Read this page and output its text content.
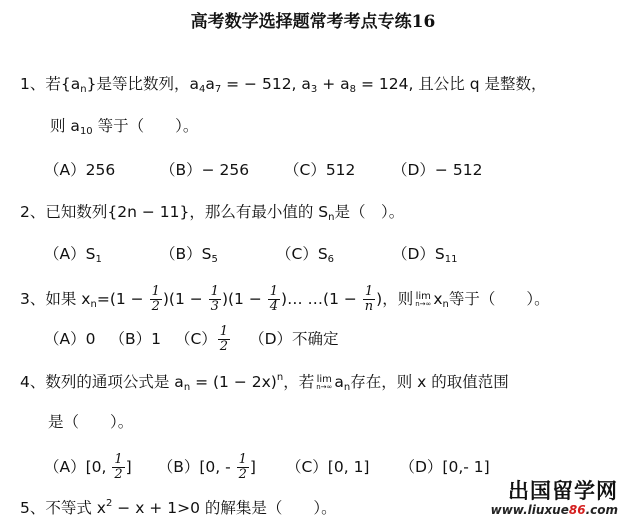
高考数学选择题常考考点专练16
1、若$\{a_n\}$是等比数列，$a_4a_7$ = − 512, $a_3 + a_8 = 124$, 且公比 q 是整数，
则 $a_{10}$ 等于（　　）。
（A）256	（B）− 256 （C）512 （D）− 512
2、已知数列{2n − 11}，那么有最小值的 $S_n$是（　）。
$(A)S_1$	$(B)S_5$	$(C)S_6$	$(D)S_{11}$
3、如果 $x_n=(1 - \frac{1}{2} )(1 - \frac{1}{3} )(1 - \frac{1}{4}$ )… …(1 − $\frac{1}{n}$ )，则 lim
n→∞ $x_n$等于（　　）。
（A）0 （B）1 $(C) \frac{1}{2} (D)$不确定
4、数列的通项公式是 $a_n = (1 - 2x)^n$，若 lim
n→∞ $a_n$存在，则 x 的取值范围
是（　　）。
（A）[0, $\frac{1}{2}$ ] （B）[0, - $\frac{1}{2}$ ] （C）[0, 1] （D）[0,- 1]
5、不等式 $x^2 - x + 1>0$ 的解集是（　　）。
出国留学网
www.liuxue86.com
